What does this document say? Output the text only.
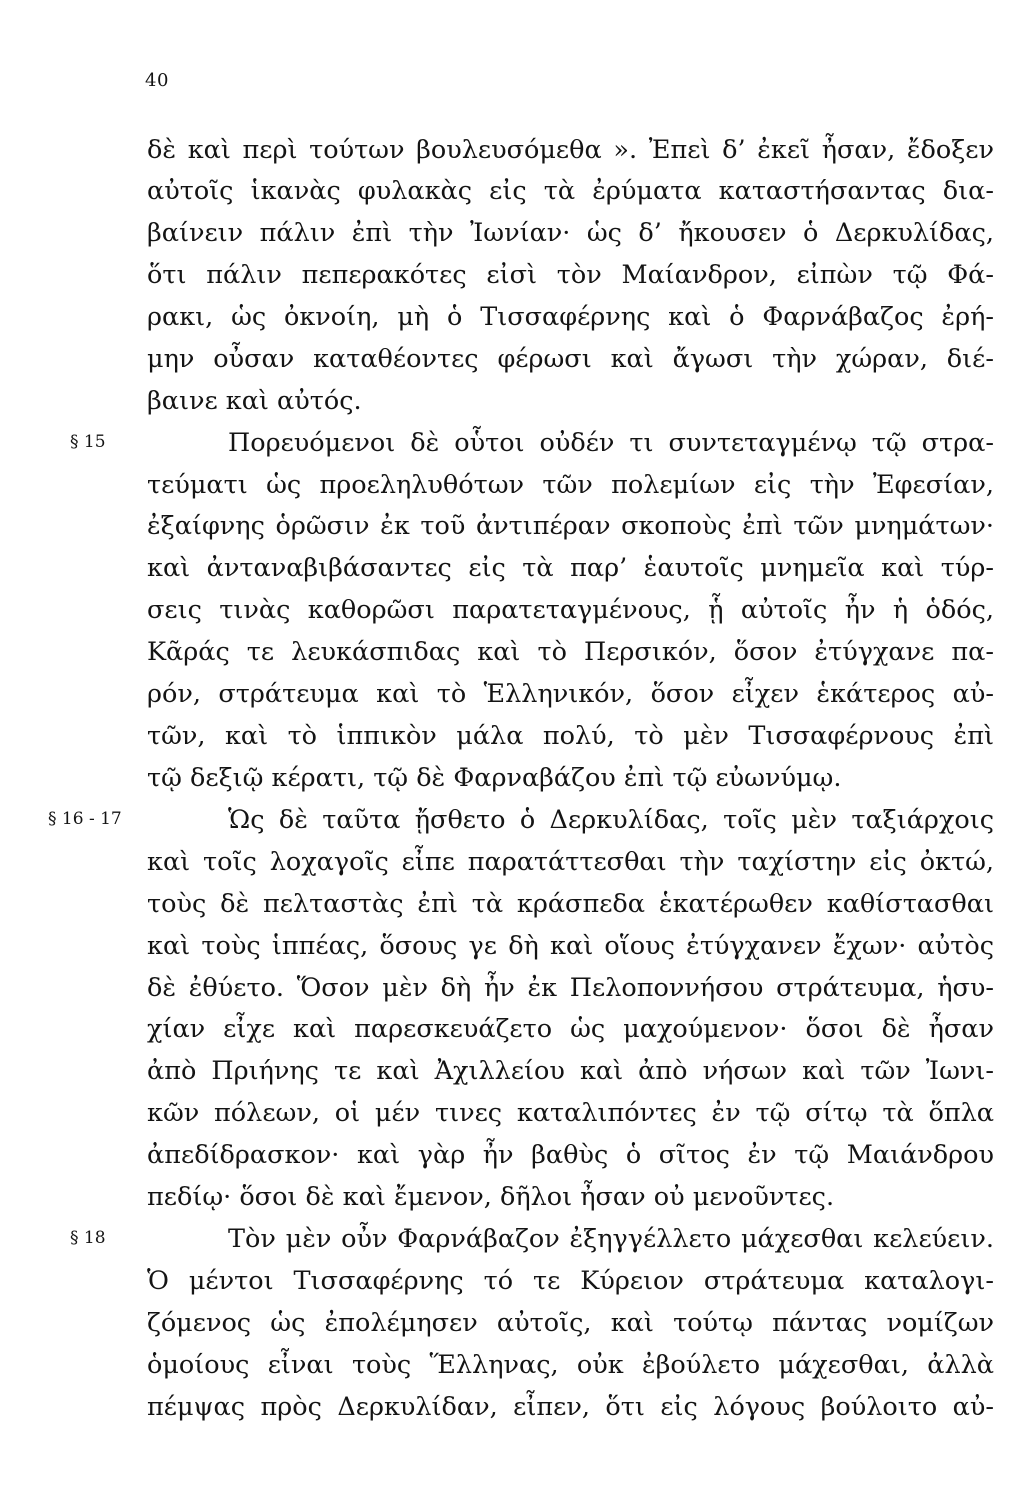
40
δὲ καὶ περὶ τούτων βουλευσόμεθα ». Ἐπεὶ δ’ ἐκεῖ ἦσαν, ἔδοξεν
αὐτοῖς ἱκανὰς φυλακὰς εἰς τὰ ἐρύματα καταστήσαντας δια-
βαίνειν πάλιν ἐπὶ τὴν Ἰωνίαν· ὡς δ’ ἤκουσεν ὁ Δερκυλίδας,
ὅτι πάλιν πεπερακότες εἰσὶ τὸν Μαίανδρον, εἰπὼν τῷ Φά-
ρακι, ὡς ὀκνοίη, μὴ ὁ Τισσαφέρνης καὶ ὁ Φαρνάβαζος ἐρή-
μην οὖσαν καταθέοντες φέρωσι καὶ ἄγωσι τὴν χώραν, διέ-
βαινε καὶ αὐτός.
§ 15	Πορευόμενοι δὲ οὗτοι οὐδέν τι συντεταγμένῳ τῷ στρα-
τεύματι ὡς προεληλυθότων τῶν πολεμίων εἰς τὴν Ἐφεσίαν,
ἐξαίφνης ὁρῶσιν ἐκ τοῦ ἀντιπέραν σκοποὺς ἐπὶ τῶν μνημάτων·
καὶ ἀνταναβιβάσαντες εἰς τὰ παρ’ ἑαυτοῖς μνημεῖα καὶ τύρ-
σεις τινὰς καθορῶσι παρατεταγμένους, ᾗ αὐτοῖς ἦν ἡ ὁδός,
Κᾶράς τε λευκάσπιδας καὶ τὸ Περσικόν, ὅσον ἐτύγχανε πα-
ρόν, στράτευμα καὶ τὸ Ἑλληνικόν, ὅσον εἶχεν ἑκάτερος αὐ-
τῶν, καὶ τὸ ἱππικὸν μάλα πολύ, τὸ μὲν Τισσαφέρνους ἐπὶ
τῷ δεξιῷ κέρατι, τῷ δὲ Φαρναβάζου ἐπὶ τῷ εὐωνύμῳ.
§ 16 - 17	Ὡς δὲ ταῦτα ᾔσθετο ὁ Δερκυλίδας, τοῖς μὲν ταξιάρχοις
καὶ τοῖς λοχαγοῖς εἶπε παρατάττεσθαι τὴν ταχίστην εἰς ὀκτώ,
τοὺς δὲ πελταστὰς ἐπὶ τὰ κράσπεδα ἑκατέρωθεν καθίστασθαι
καὶ τοὺς ἱππέας, ὅσους γε δὴ καὶ οἵους ἐτύγχανεν ἔχων· αὐτὸς
δὲ ἐθύετο. Ὅσον μὲν δὴ ἦν ἐκ Πελοποννήσου στράτευμα, ἡσυ-
χίαν εἶχε καὶ παρεσκευάζετο ὡς μαχούμενον· ὅσοι δὲ ἦσαν
ἀπὸ Πριήνης τε καὶ Ἀχιλλείου καὶ ἀπὸ νήσων καὶ τῶν Ἰωνι-
κῶν πόλεων, οἱ μέν τινες καταλιπόντες ἐν τῷ σίτῳ τὰ ὅπλα
ἀπεδίδρασκον· καὶ γὰρ ἦν βαθὺς ὁ σῖτος ἐν τῷ Μαιάνδρου
πεδίῳ· ὅσοι δὲ καὶ ἔμενον, δῆλοι ἦσαν οὐ μενοῦντες.
§ 18	Τὸν μὲν οὖν Φαρνάβαζον ἐξηγγέλλετο μάχεσθαι κελεύειν.
Ὁ μέντοι Τισσαφέρνης τό τε Κύρειον στράτευμα καταλογι-
ζόμενος ὡς ἐπολέμησεν αὐτοῖς, καὶ τούτῳ πάντας νομίζων
ὁμοίους εἶναι τοὺς Ἕλληνας, οὐκ ἐβούλετο μάχεσθαι, ἀλλὰ
πέμψας πρὸς Δερκυλίδαν, εἶπεν, ὅτι εἰς λόγους βούλοιτο αὐ-
